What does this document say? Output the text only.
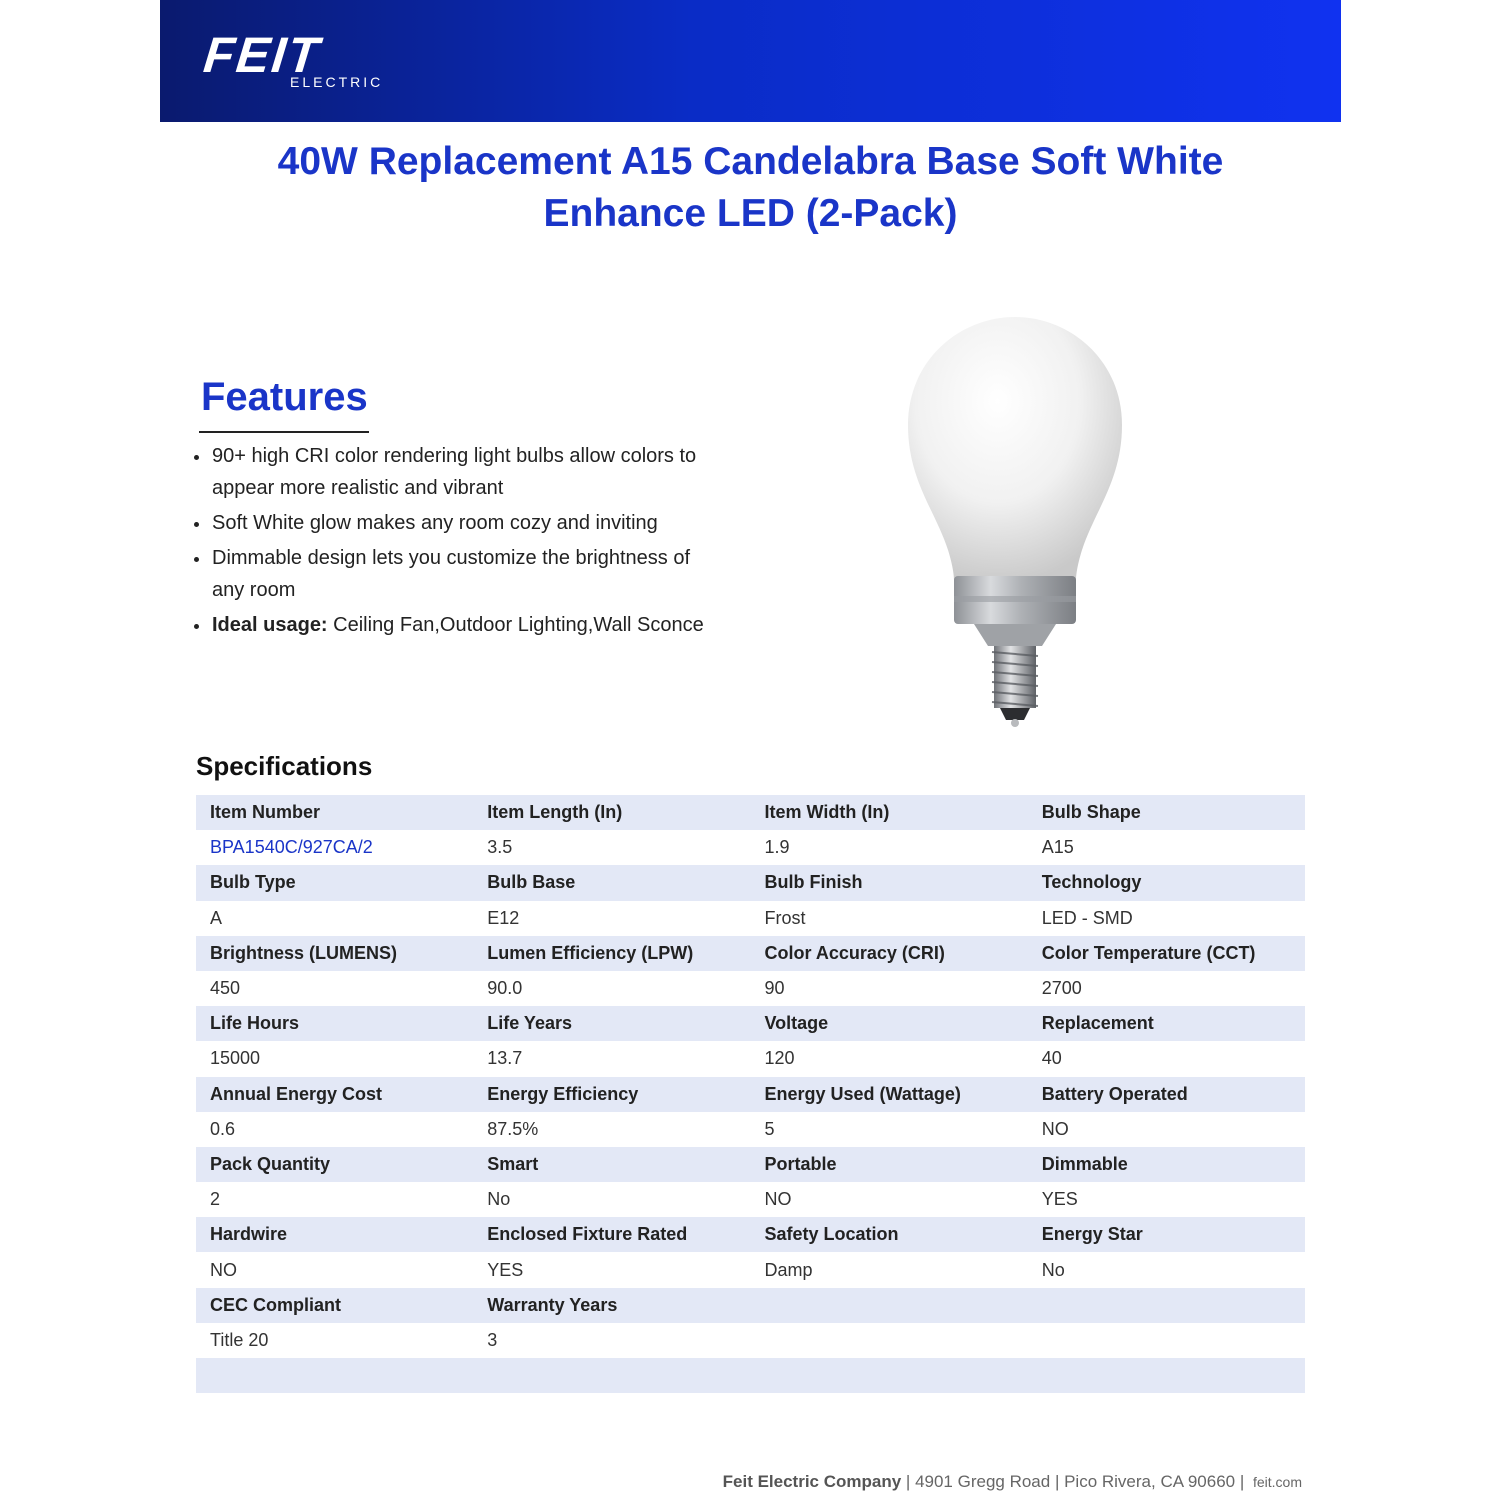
FEIT
ELECTRIC
40W Replacement A15 Candelabra Base Soft White
Enhance LED (2-Pack)
Features
90+ high CRI color rendering light bulbs allow colors to appear more realistic and vibrant
Soft White glow makes any room cozy and inviting
Dimmable design lets you customize the brightness of any room
Ideal usage: Ceiling Fan,Outdoor Lighting,Wall Sconce
Specifications
Item Number	Item Length (In)	Item Width (In)	Bulb Shape
BPA1540C/927CA/2	3.5	1.9	A15
Bulb Type	Bulb Base	Bulb Finish	Technology
A	E12	Frost	LED - SMD
Brightness (LUMENS)	Lumen Efficiency (LPW)	Color Accuracy (CRI)	Color Temperature (CCT)
450	90.0	90	2700
Life Hours	Life Years	Voltage	Replacement
15000	13.7	120	40
Annual Energy Cost	Energy Efficiency	Energy Used (Wattage)	Battery Operated
0.6	87.5%	5	NO
Pack Quantity	Smart	Portable	Dimmable
2	No	NO	YES
Hardwire	Enclosed Fixture Rated	Safety Location	Energy Star
NO	YES	Damp	No
CEC Compliant	Warranty Years
Title 20	3
Feit Electric Company | 4901 Gregg Road | Pico Rivera, CA 90660 | feit.com
